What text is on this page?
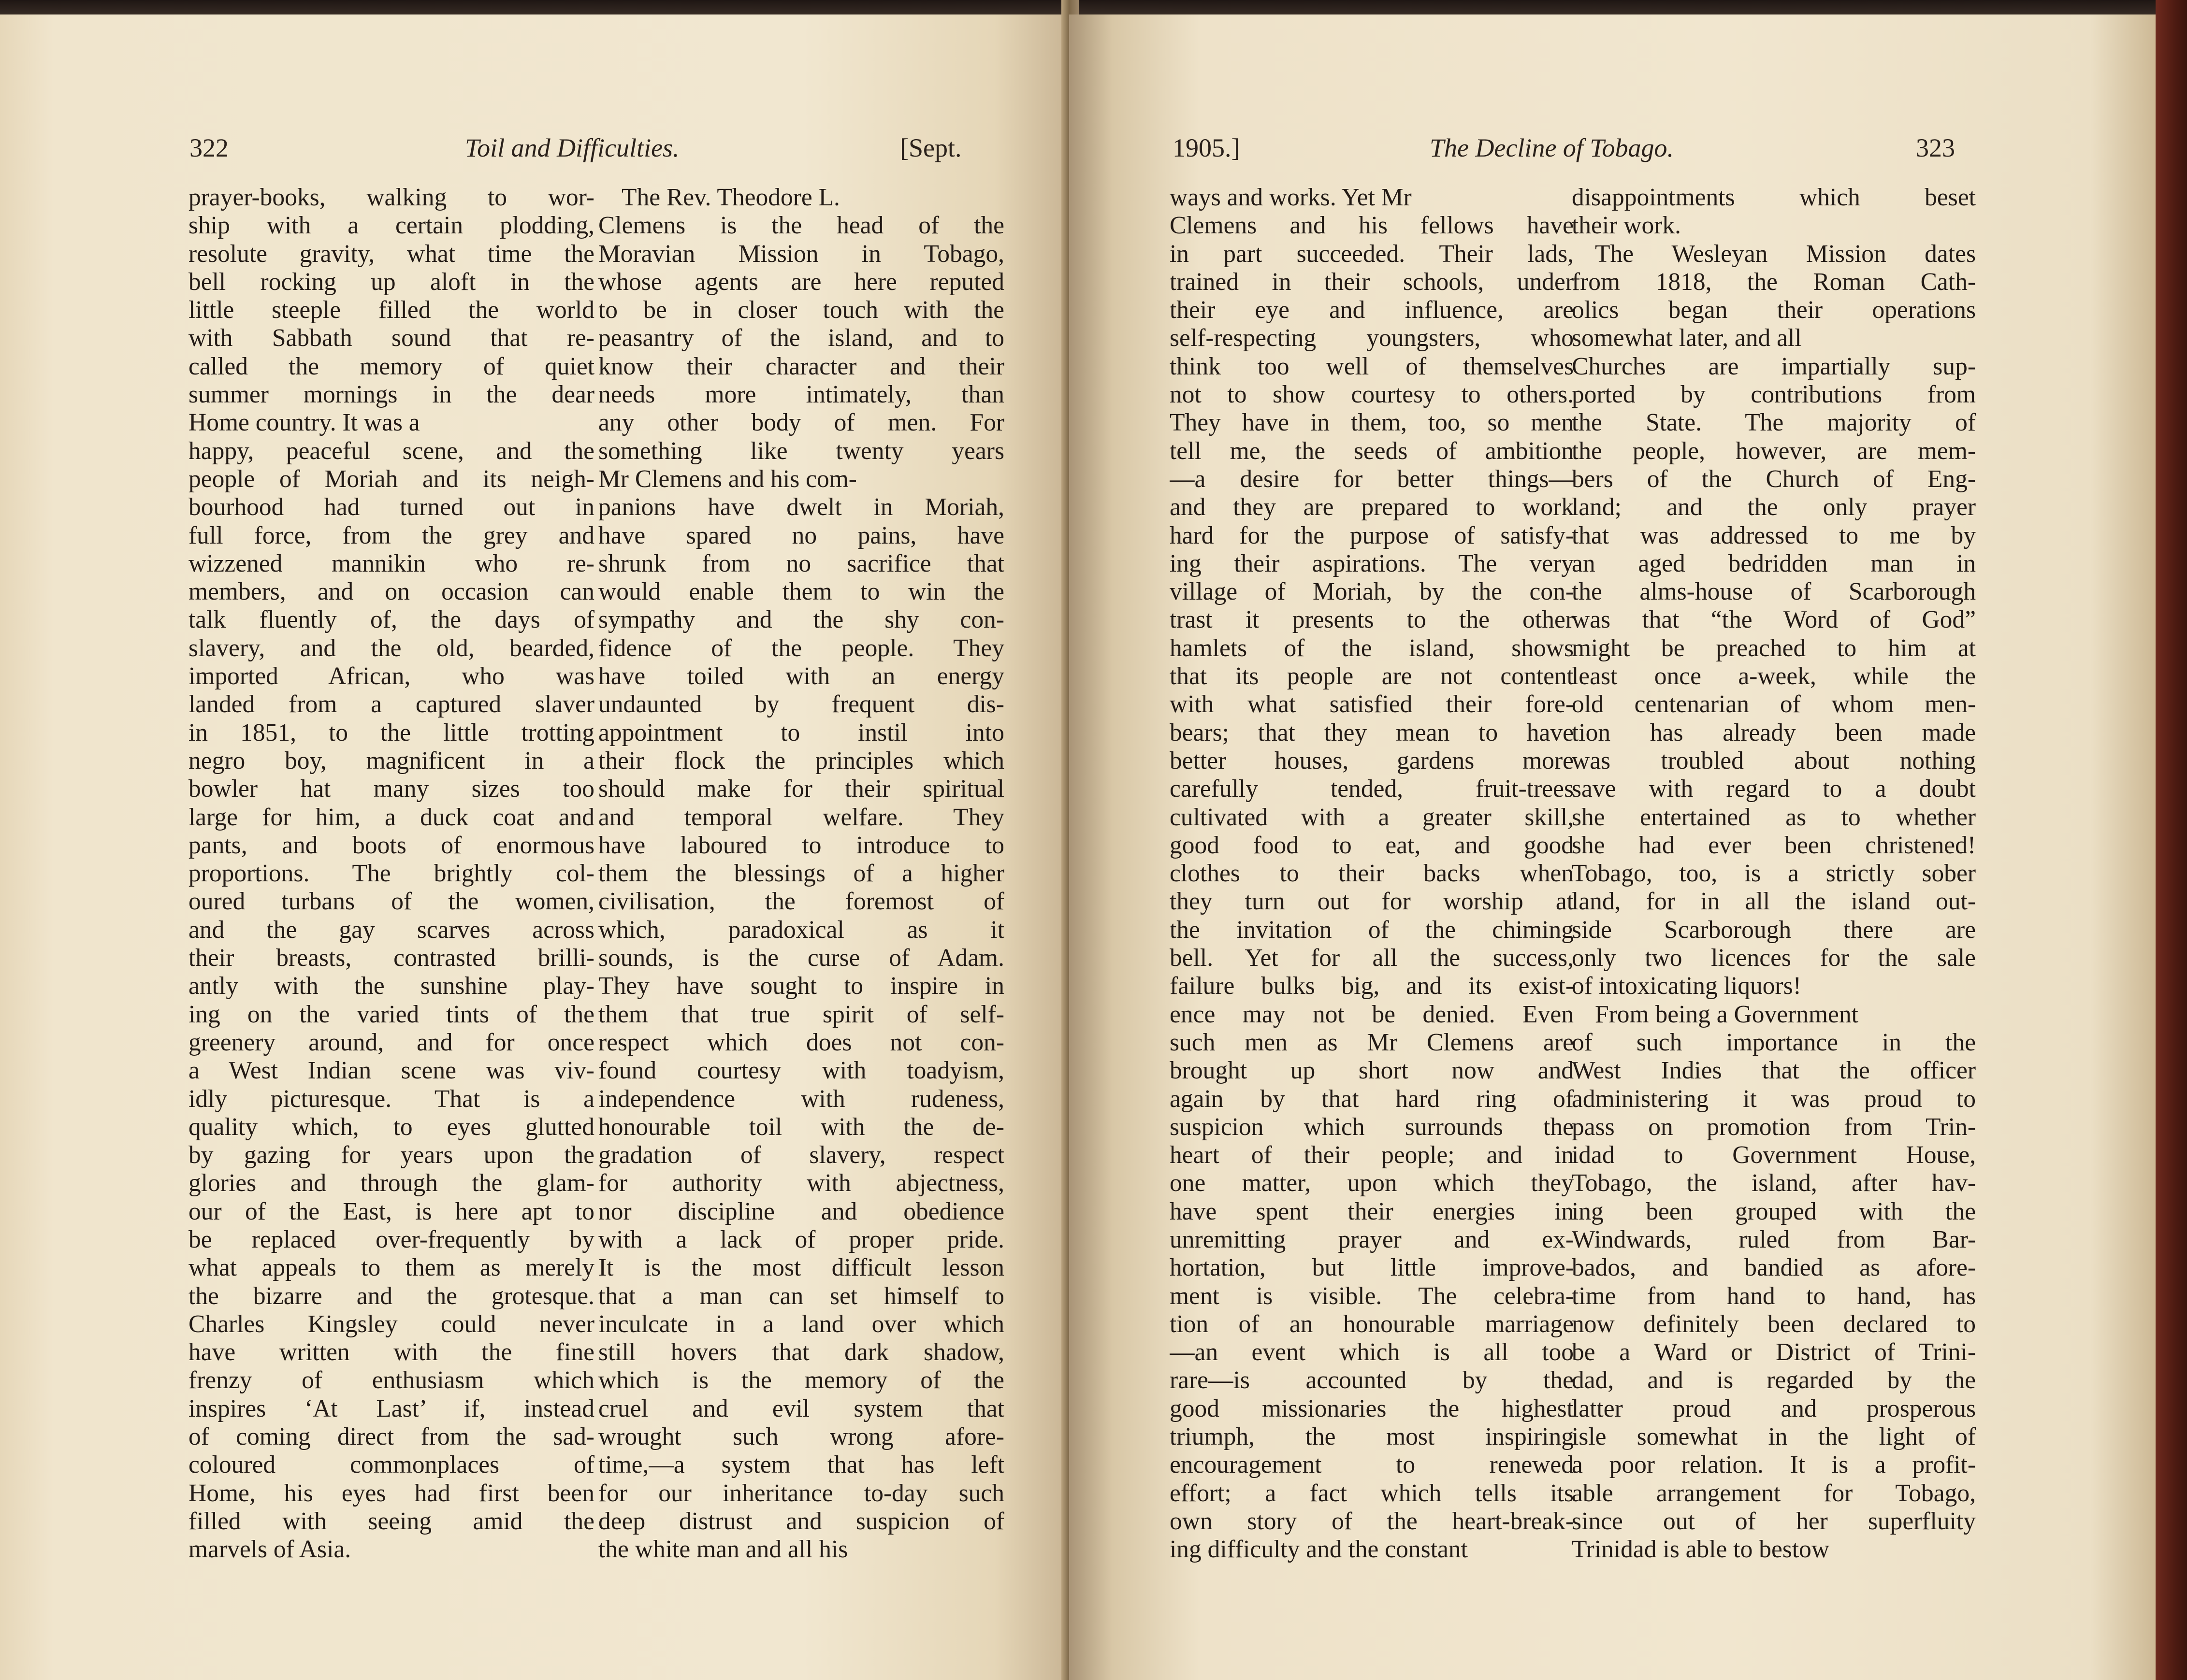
322	Toil and Difficulties.	[Sept.
prayer-books, walking to wor-
ship with a certain plodding,
resolute gravity, what time the
bell rocking up aloft in the
little steeple filled the world
with Sabbath sound that re-
called the memory of quiet
summer mornings in the dear
Home country. It was a
happy, peaceful scene, and the
people of Moriah and its neigh-
bourhood had turned out in
full force, from the grey and
wizzened mannikin who re-
members, and on occasion can
talk fluently of, the days of
slavery, and the old, bearded,
imported African, who was
landed from a captured slaver
in 1851, to the little trotting
negro boy, magnificent in a
bowler hat many sizes too
large for him, a duck coat and
pants, and boots of enormous
proportions. The brightly col-
oured turbans of the women,
and the gay scarves across
their breasts, contrasted brilli-
antly with the sunshine play-
ing on the varied tints of the
greenery around, and for once
a West Indian scene was viv-
idly picturesque. That is a
quality which, to eyes glutted
by gazing for years upon the
glories and through the glam-
our of the East, is here apt to
be replaced over-frequently by
what appeals to them as merely
the bizarre and the grotesque.
Charles Kingsley could never
have written with the fine
frenzy of enthusiasm which
inspires ‘At Last’ if, instead
of coming direct from the sad-
coloured commonplaces of
Home, his eyes had first been
filled with seeing amid the
marvels of Asia.
The Rev. Theodore L.
Clemens is the head of the
Moravian Mission in Tobago,
whose agents are here reputed
to be in closer touch with the
peasantry of the island, and to
know their character and their
needs more intimately, than
any other body of men. For
something like twenty years
Mr Clemens and his com-
panions have dwelt in Moriah,
have spared no pains, have
shrunk from no sacrifice that
would enable them to win the
sympathy and the shy con-
fidence of the people. They
have toiled with an energy
undaunted by frequent dis-
appointment to instil into
their flock the principles which
should make for their spiritual
and temporal welfare. They
have laboured to introduce to
them the blessings of a higher
civilisation, the foremost of
which, paradoxical as it
sounds, is the curse of Adam.
They have sought to inspire in
them that true spirit of self-
respect which does not con-
found courtesy with toadyism,
independence with rudeness,
honourable toil with the de-
gradation of slavery, respect
for authority with abjectness,
nor discipline and obedience
with a lack of proper pride.
It is the most difficult lesson
that a man can set himself to
inculcate in a land over which
still hovers that dark shadow,
which is the memory of the
cruel and evil system that
wrought such wrong afore-
time,—a system that has left
for our inheritance to-day such
deep distrust and suspicion of
the white man and all his
1905.]	The Decline of Tobago.	323
ways and works. Yet Mr
Clemens and his fellows have
in part succeeded. Their lads,
trained in their schools, under
their eye and influence, are
self-respecting youngsters, who
think too well of themselves
not to show courtesy to others.
They have in them, too, so men
tell me, the seeds of ambition
—a desire for better things—
and they are prepared to work
hard for the purpose of satisfy-
ing their aspirations. The very
village of Moriah, by the con-
trast it presents to the other
hamlets of the island, shows
that its people are not content
with what satisfied their fore-
bears; that they mean to have
better houses, gardens more
carefully tended, fruit-trees
cultivated with a greater skill,
good food to eat, and good
clothes to their backs when
they turn out for worship at
the invitation of the chiming
bell. Yet for all the success,
failure bulks big, and its exist-
ence may not be denied. Even
such men as Mr Clemens are
brought up short now and
again by that hard ring of
suspicion which surrounds the
heart of their people; and in
one matter, upon which they
have spent their energies in
unremitting prayer and ex-
hortation, but little improve-
ment is visible. The celebra-
tion of an honourable marriage
—an event which is all too
rare—is accounted by the
good missionaries the highest
triumph, the most inspiring
encouragement to renewed
effort; a fact which tells its
own story of the heart-break-
ing difficulty and the constant
disappointments which beset
their work.
The Wesleyan Mission dates
from 1818, the Roman Cath-
olics began their operations
somewhat later, and all
Churches are impartially sup-
ported by contributions from
the State. The majority of
the people, however, are mem-
bers of the Church of Eng-
land; and the only prayer
that was addressed to me by
an aged bedridden man in
the alms-house of Scarborough
was that “the Word of God”
might be preached to him at
least once a-week, while the
old centenarian of whom men-
tion has already been made
was troubled about nothing
save with regard to a doubt
she entertained as to whether
she had ever been christened!
Tobago, too, is a strictly sober
land, for in all the island out-
side Scarborough there are
only two licences for the sale
of intoxicating liquors!
From being a Government
of such importance in the
West Indies that the officer
administering it was proud to
pass on promotion from Trin-
idad to Government House,
Tobago, the island, after hav-
ing been grouped with the
Windwards, ruled from Bar-
bados, and bandied as afore-
time from hand to hand, has
now definitely been declared to
be a Ward or District of Trini-
dad, and is regarded by the
latter proud and prosperous
isle somewhat in the light of
a poor relation. It is a profit-
able arrangement for Tobago,
since out of her superfluity
Trinidad is able to bestow
